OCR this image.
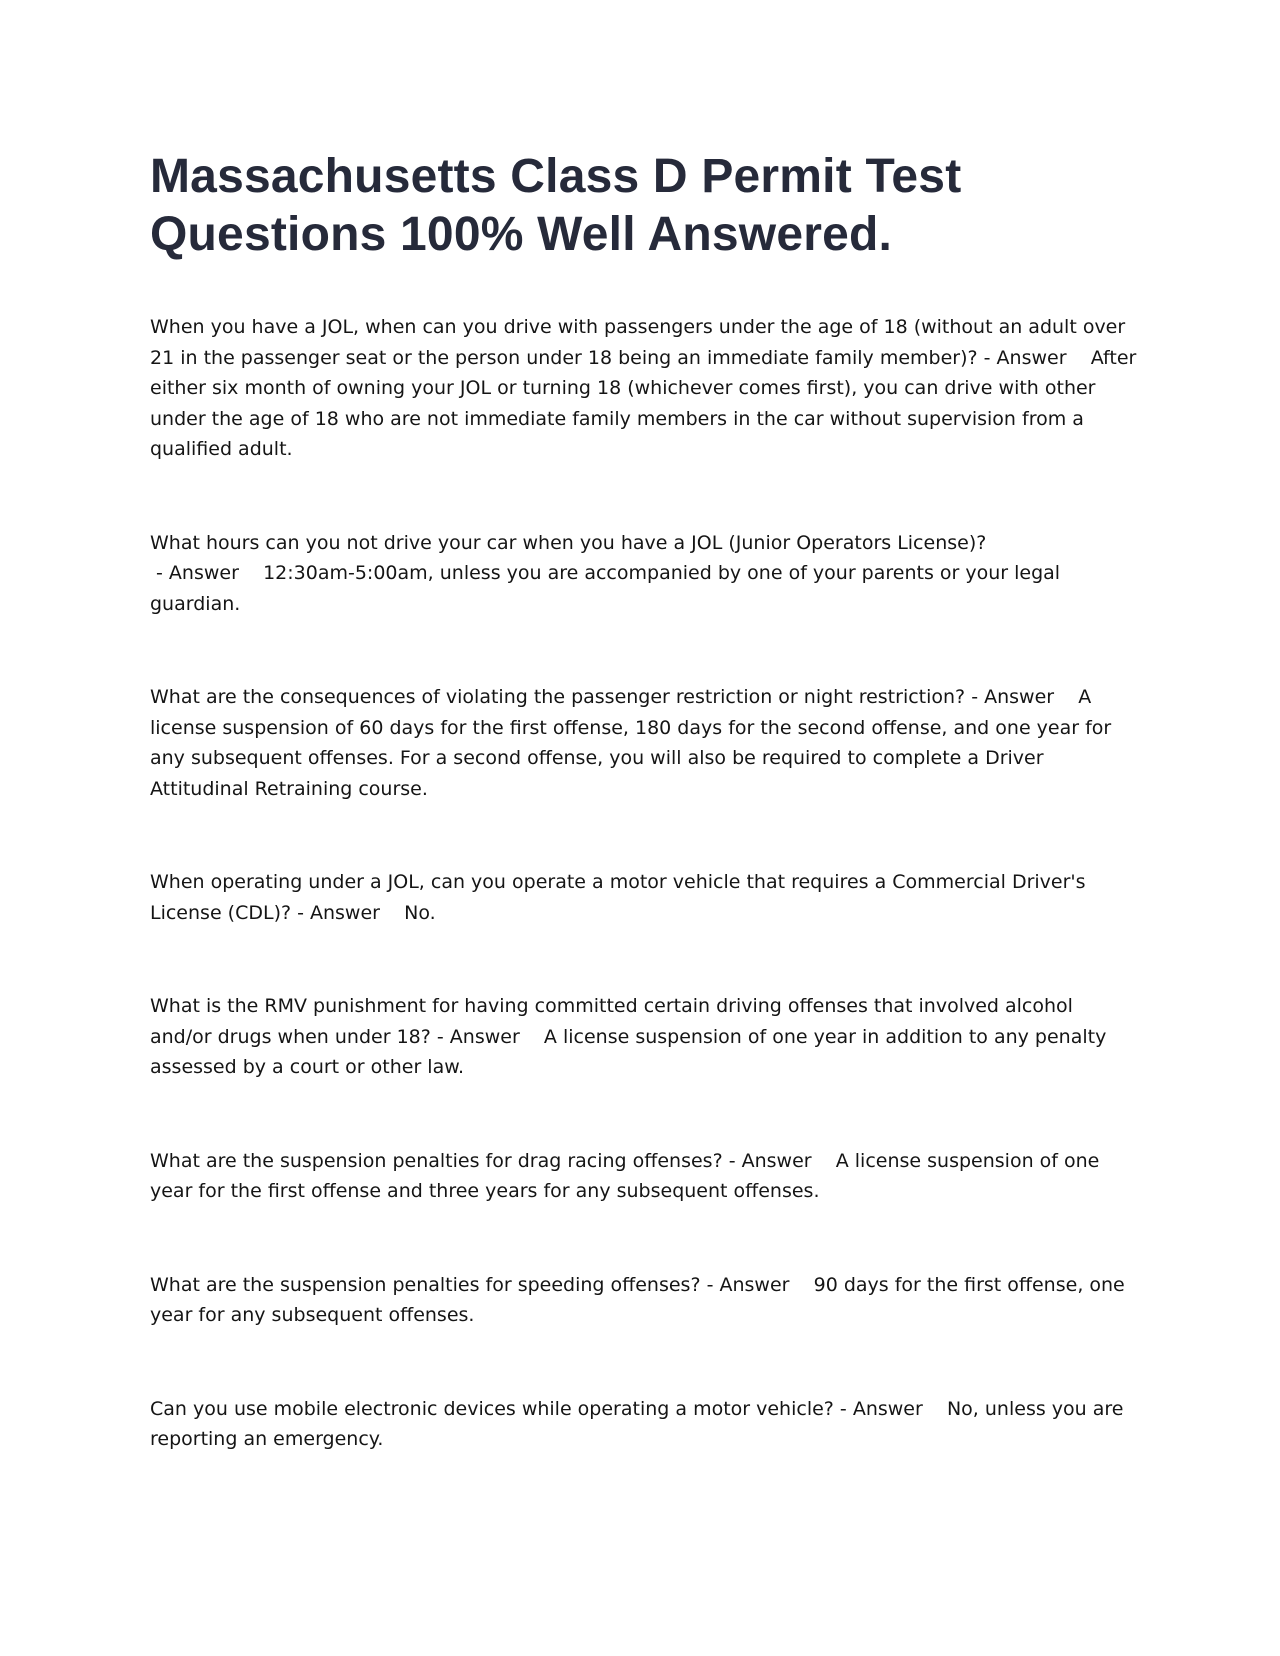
Massachusetts Class D Permit Test Questions 100% Well Answered.

When you have a JOL, when can you drive with passengers under the age of 18 (without an adult over 21 in the passenger seat or the person under 18 being an immediate family member)? - Answer    After either six month of owning your JOL or turning 18 (whichever comes first), you can drive with other under the age of 18 who are not immediate family members in the car without supervision from a qualified adult.

What hours can you not drive your car when you have a JOL (Junior Operators License)? - Answer    12:30am-5:00am, unless you are accompanied by one of your parents or your legal guardian.

What are the consequences of violating the passenger restriction or night restriction? - Answer    A license suspension of 60 days for the first offense, 180 days for the second offense, and one year for any subsequent offenses. For a second offense, you will also be required to complete a Driver Attitudinal Retraining course.

When operating under a JOL, can you operate a motor vehicle that requires a Commercial Driver's License (CDL)? - Answer    No.

What is the RMV punishment for having committed certain driving offenses that involved alcohol and/or drugs when under 18? - Answer    A license suspension of one year in addition to any penalty assessed by a court or other law.

What are the suspension penalties for drag racing offenses? - Answer    A license suspension of one year for the first offense and three years for any subsequent offenses.

What are the suspension penalties for speeding offenses? - Answer    90 days for the first offense, one year for any subsequent offenses.

Can you use mobile electronic devices while operating a motor vehicle? - Answer    No, unless you are reporting an emergency.
